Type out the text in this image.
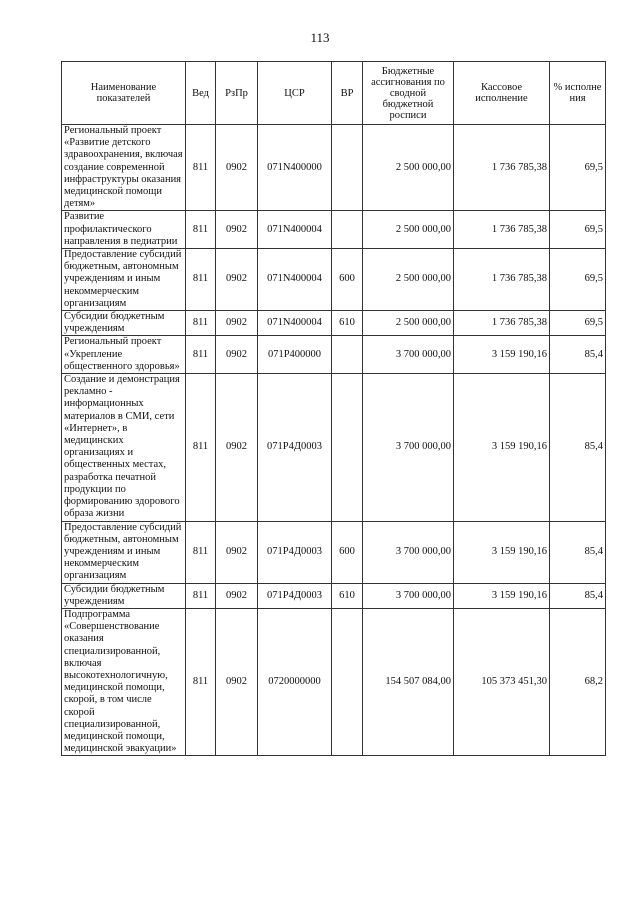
113
Наименование показателей	Вед	РзПр	ЦСР	ВР	Бюджетные ассигнования по сводной бюджетной росписи	Кассовое исполнение	% исполне ния
Региональный проект «Развитие детского здравоохранения, включая создание современной инфраструктуры оказания медицинской помощи детям»	811	0902	071N400000		2 500 000,00	1 736 785,38	69,5
Развитие профилактического направления в педиатрии	811	0902	071N400004		2 500 000,00	1 736 785,38	69,5
Предоставление субсидий бюджетным, автономным учреждениям и иным некоммерческим организациям	811	0902	071N400004	600	2 500 000,00	1 736 785,38	69,5
Субсидии бюджетным учреждениям	811	0902	071N400004	610	2 500 000,00	1 736 785,38	69,5
Региональный проект «Укрепление общественного здоровья»	811	0902	071P400000		3 700 000,00	3 159 190,16	85,4
Создание и демонстрация рекламно - информационных материалов в СМИ, сети «Интернет», в медицинских организациях и общественных местах, разработка печатной продукции по формированию здорового образа жизни	811	0902	071P4Д0003		3 700 000,00	3 159 190,16	85,4
Предоставление субсидий бюджетным, автономным учреждениям и иным некоммерческим организациям	811	0902	071P4Д0003	600	3 700 000,00	3 159 190,16	85,4
Субсидии бюджетным учреждениям	811	0902	071P4Д0003	610	3 700 000,00	3 159 190,16	85,4
Подпрограмма «Совершенствование оказания специализированной, включая высокотехнологичную, медицинской помощи, скорой, в том числе скорой специализированной, медицинской помощи, медицинской эвакуации»	811	0902	0720000000		154 507 084,00	105 373 451,30	68,2
